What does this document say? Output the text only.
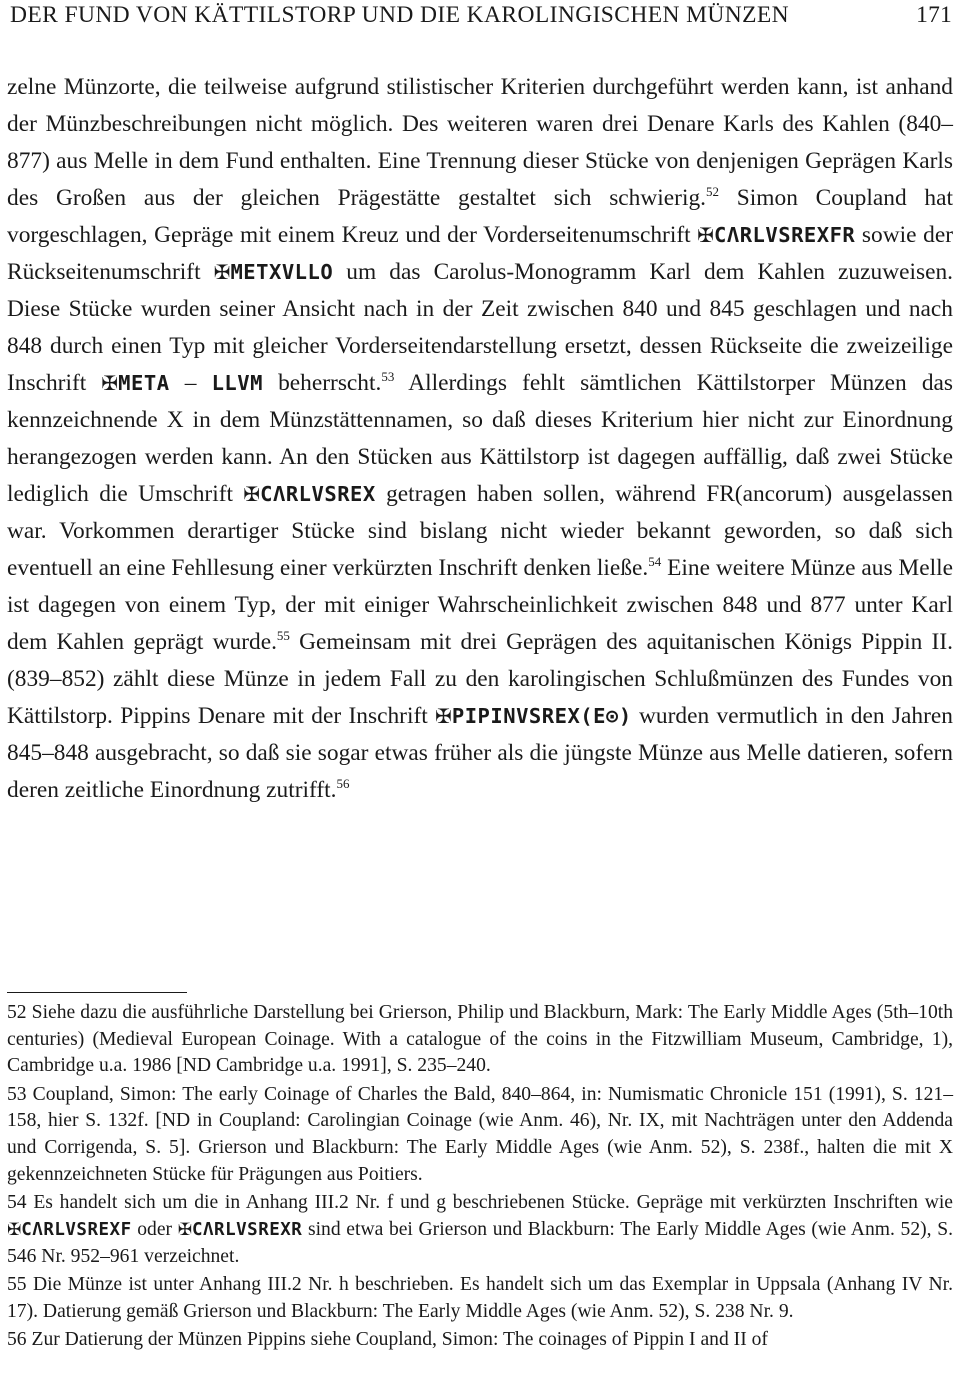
DER FUND VON KÄTTILSTORP UND DIE KAROLINGISCHEN MÜNZEN	171

zelne Münzorte, die teilweise aufgrund stilistischer Kriterien durchgeführt werden kann, ist anhand der Münzbeschreibungen nicht möglich. Des weiteren waren drei Denare Karls des Kahlen (840–877) aus Melle in dem Fund enthalten. Eine Trennung dieser Stücke von denjenigen Geprägen Karls des Großen aus der gleichen Prägestätte gestaltet sich schwierig.$^{52}$ Simon Coupland hat vorgeschlagen, Gepräge mit einem Kreuz und der Vorderseitenumschrift ✠CΛRLVSREXFR sowie der Rückseitenumschrift ✠METXVLLO um das Carolus-Monogramm Karl dem Kahlen zuzuweisen. Diese Stücke wurden seiner Ansicht nach in der Zeit zwischen 840 und 845 geschlagen und nach 848 durch einen Typ mit gleicher Vorderseitendarstellung ersetzt, dessen Rückseite die zweizeilige Inschrift ✠META – LLVM beherrscht.$^{53}$ Allerdings fehlt sämtlichen Kättilstorper Münzen das kennzeichnende X in dem Münzstättennamen, so daß dieses Kriterium hier nicht zur Einordnung herangezogen werden kann. An den Stücken aus Kättilstorp ist dagegen auffällig, daß zwei Stücke lediglich die Umschrift ✠CΛRLVSREX getragen haben sollen, während FR(ancorum) ausgelassen war. Vorkommen derartiger Stücke sind bislang nicht wieder bekannt geworden, so daß sich eventuell an eine Fehllesung einer verkürzten Inschrift denken ließe.$^{54}$ Eine weitere Münze aus Melle ist dagegen von einem Typ, der mit einiger Wahrscheinlichkeit zwischen 848 und 877 unter Karl dem Kahlen geprägt wurde.$^{55}$ Gemeinsam mit drei Geprägen des aquitanischen Königs Pippin II. (839–852) zählt diese Münze in jedem Fall zu den karolingischen Schlußmünzen des Fundes von Kättilstorp. Pippins Denare mit der Inschrift ✠PIPINVSREX(E⊙) wurden vermutlich in den Jahren 845–848 ausgebracht, so daß sie sogar etwas früher als die jüngste Münze aus Melle datieren, sofern deren zeitliche Einordnung zutrifft.$^{56}$

52 Siehe dazu die ausführliche Darstellung bei Grierson, Philip und Blackburn, Mark: The Early Middle Ages (5th–10th centuries) (Medieval European Coinage. With a catalogue of the coins in the Fitzwilliam Museum, Cambridge, 1), Cambridge u.a. 1986 [ND Cambridge u.a. 1991], S. 235–240.

53 Coupland, Simon: The early Coinage of Charles the Bald, 840–864, in: Numismatic Chronicle 151 (1991), S. 121–158, hier S. 132f. [ND in Coupland: Carolingian Coinage (wie Anm. 46), Nr. IX, mit Nachträgen unter den Addenda und Corrigenda, S. 5]. Grierson und Blackburn: The Early Middle Ages (wie Anm. 52), S. 238f., halten die mit X gekennzeichneten Stücke für Prägungen aus Poitiers.

54 Es handelt sich um die in Anhang III.2 Nr. f und g beschriebenen Stücke. Gepräge mit verkürzten Inschriften wie ✠CΛRLVSREXF oder ✠CΛRLVSREXR sind etwa bei Grierson und Blackburn: The Early Middle Ages (wie Anm. 52), S. 546 Nr. 952–961 verzeichnet.

55 Die Münze ist unter Anhang III.2 Nr. h beschrieben. Es handelt sich um das Exemplar in Uppsala (Anhang IV Nr. 17). Datierung gemäß Grierson und Blackburn: The Early Middle Ages (wie Anm. 52), S. 238 Nr. 9.

56 Zur Datierung der Münzen Pippins siehe Coupland, Simon: The coinages of Pippin I and II of
